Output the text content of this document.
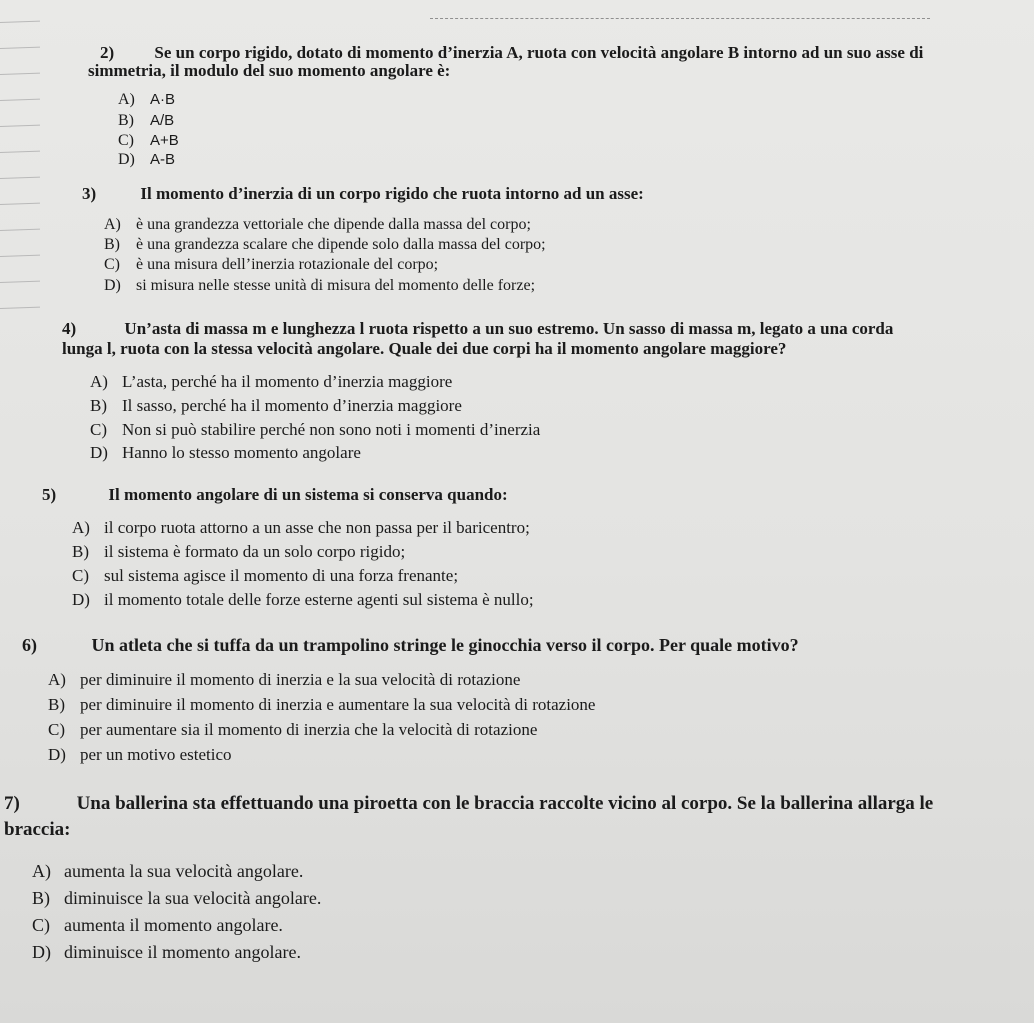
2) Se un corpo rigido, dotato di momento d’inerzia A, ruota con velocità angolare B intorno ad un suo asse di
simmetria, il modulo del suo momento angolare è:
A)	A·B
B)	A/B
C)	A+B
D)	A-B
3)	Il momento d’inerzia di un corpo rigido che ruota intorno ad un asse:
A) è una grandezza vettoriale che dipende dalla massa del corpo;
B)	è una grandezza scalare che dipende solo dalla massa del corpo;
C)	è una misura dell’inerzia rotazionale del corpo;
D) si misura nelle stesse unità di misura del momento delle forze;
4)	Un’asta di massa m e lunghezza l ruota rispetto a un suo estremo. Un sasso di massa m, legato a una corda
lunga l, ruota con la stessa velocità angolare. Quale dei due corpi ha il momento angolare maggiore?
A) L’asta, perché ha il momento d’inerzia maggiore
B) Il sasso, perché ha il momento d’inerzia maggiore
C) Non si può stabilire perché non sono noti i momenti d’inerzia
D) Hanno lo stesso momento angolare
5)	Il momento angolare di un sistema si conserva quando:
A) il corpo ruota attorno a un asse che non passa per il baricentro;
B) il sistema è formato da un solo corpo rigido;
C) sul sistema agisce il momento di una forza frenante;
D) il momento totale delle forze esterne agenti sul sistema è nullo;
6)	Un atleta che si tuffa da un trampolino stringe le ginocchia verso il corpo. Per quale motivo?
A) per diminuire il momento di inerzia e la sua velocità di rotazione
B) per diminuire il momento di inerzia e aumentare la sua velocità di rotazione
C) per aumentare sia il momento di inerzia che la velocità di rotazione
D) per un motivo estetico
7)	Una ballerina sta effettuando una piroetta con le braccia raccolte vicino al corpo. Se la ballerina allarga le
braccia:
A) aumenta la sua velocità angolare.
B) diminuisce la sua velocità angolare.
C) aumenta il momento angolare.
D) diminuisce il momento angolare.
